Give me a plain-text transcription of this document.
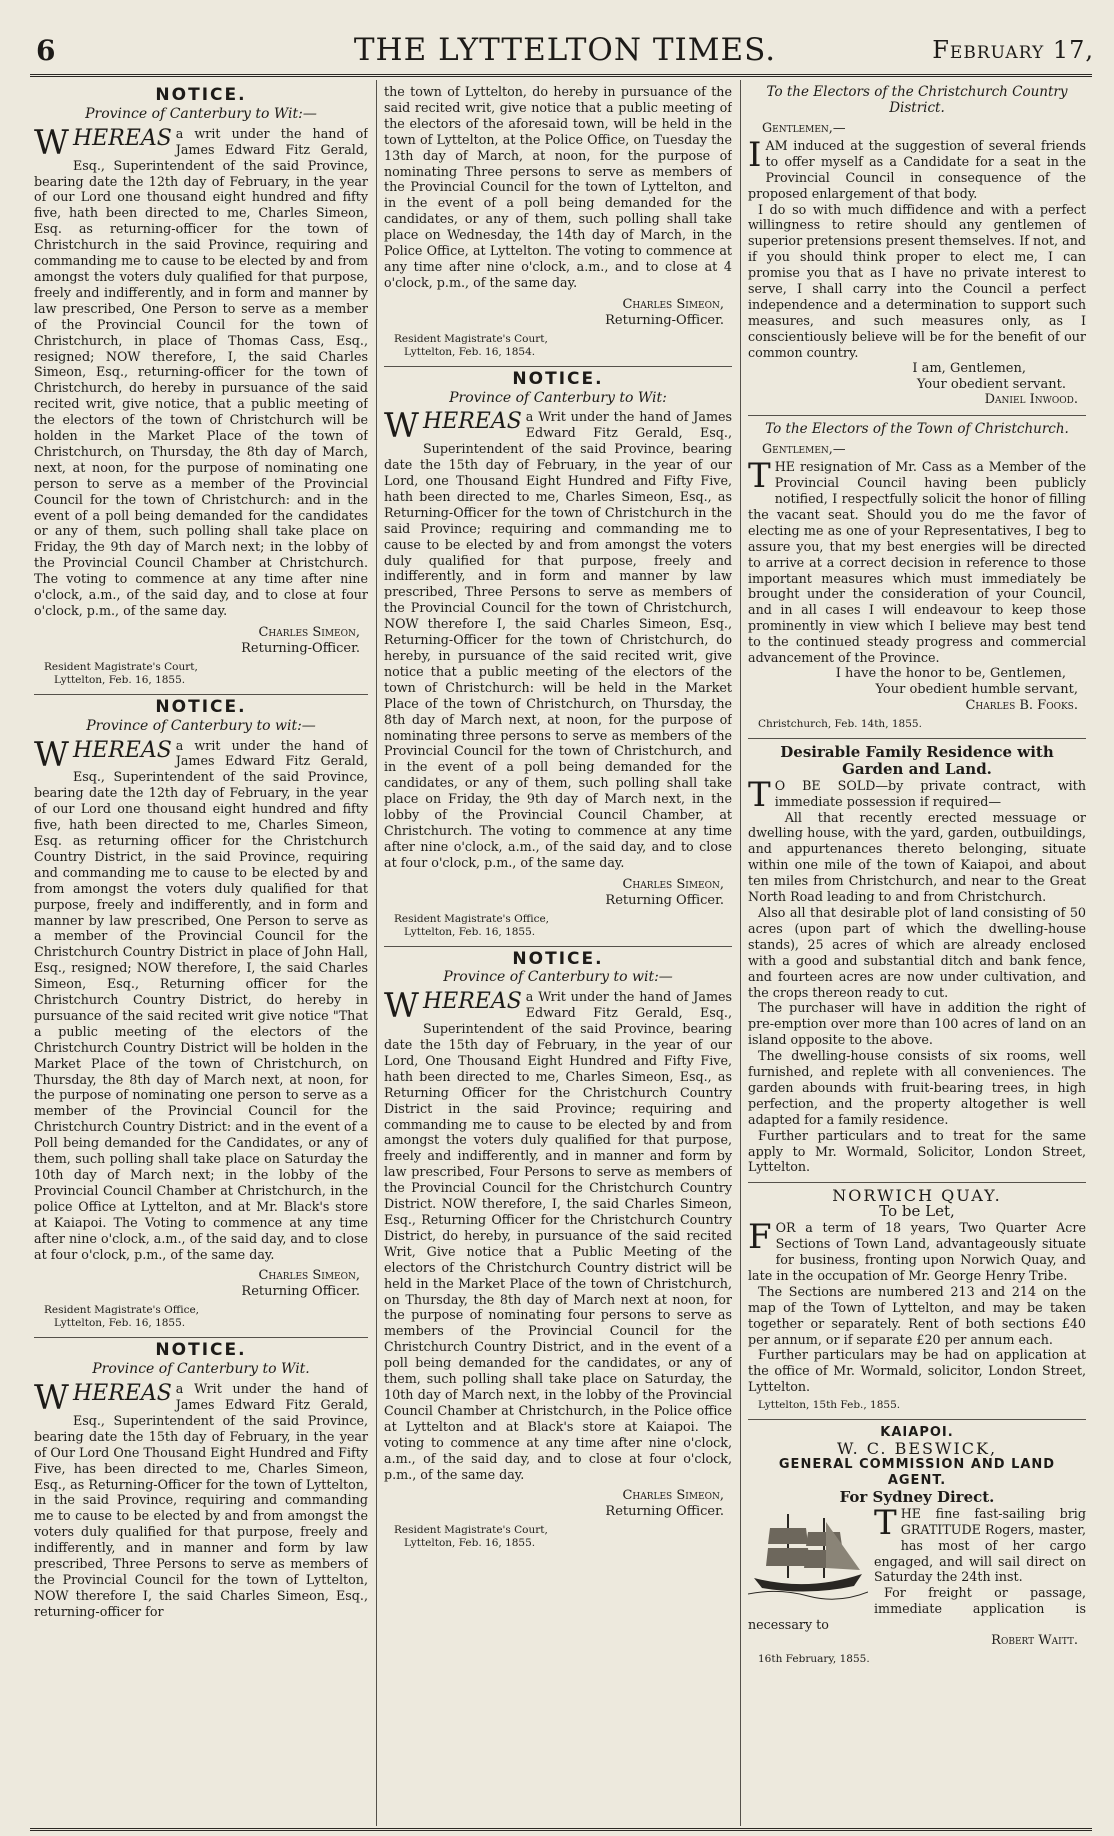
6	THE LYTTELTON TIMES.	February 17,
NOTICE.
Province of Canterbury to Wit:—

W HEREAS a writ under the hand of James Edward Fitz Gerald, Esq., Superintendent of the said Province, bearing date the 12th day of February, in the year of our Lord one thousand eight hundred and fifty five, hath been directed to me, Charles Simeon, Esq. as returning-officer for the town of Christchurch in the said Province, requiring and commanding me to cause to be elected by and from amongst the voters duly qualified for that purpose, freely and indifferently, and in form and manner by law prescribed, One Person to serve as a member of the Provincial Council for the town of Christchurch, in place of Thomas Cass, Esq., resigned; NOW therefore, I, the said Charles Simeon, Esq., returning-officer for the town of Christchurch, do hereby in pursuance of the said recited writ, give notice, that a public meeting of the electors of the town of Christchurch will be holden in the Market Place of the town of Christchurch, on Thursday, the 8th day of March, next, at noon, for the purpose of nominating one person to serve as a member of the Provincial Council for the town of Christchurch: and in the event of a poll being demanded for the candidates or any of them, such polling shall take place on Friday, the 9th day of March next; in the lobby of the Provincial Council Chamber at Christchurch. The voting to commence at any time after nine o'clock, a.m., of the said day, and to close at four o'clock, p.m., of the same day.

Charles Simeon,
Returning-Officer.
Resident Magistrate's Court,
Lyttelton, Feb. 16, 1855.
NOTICE.
Province of Canterbury to wit:—

W HEREAS a writ under the hand of James Edward Fitz Gerald, Esq., Superintendent of the said Province, bearing date the 12th day of February, in the year of our Lord one thousand eight hundred and fifty five, hath been directed to me, Charles Simeon, Esq. as returning officer for the Christchurch Country District, in the said Province, requiring and commanding me to cause to be elected by and from amongst the voters duly qualified for that purpose, freely and indifferently, and in form and manner by law prescribed, One Person to serve as a member of the Provincial Council for the Christchurch Country District in place of John Hall, Esq., resigned; NOW therefore, I, the said Charles Simeon, Esq., Returning officer for the Christchurch Country District, do hereby in pursuance of the said recited writ give notice "That a public meeting of the electors of the Christchurch Country District will be holden in the Market Place of the town of Christchurch, on Thursday, the 8th day of March next, at noon, for the purpose of nominating one person to serve as a member of the Provincial Council for the Christchurch Country District: and in the event of a Poll being demanded for the Candidates, or any of them, such polling shall take place on Saturday the 10th day of March next; in the lobby of the Provincial Council Chamber at Christchurch, in the police Office at Lyttelton, and at Mr. Black's store at Kaiapoi. The Voting to commence at any time after nine o'clock, a.m., of the said day, and to close at four o'clock, p.m., of the same day.

Charles Simeon,
Returning Officer.
Resident Magistrate's Office,
Lyttelton, Feb. 16, 1855.
NOTICE.
Province of Canterbury to Wit.

W HEREAS a Writ under the hand of James Edward Fitz Gerald, Esq., Superintendent of the said Province, bearing date the 15th day of February, in the year of Our Lord One Thousand Eight Hundred and Fifty Five, has been directed to me, Charles Simeon, Esq., as Returning-Officer for the town of Lyttelton, in the said Province, requiring and commanding me to cause to be elected by and from amongst the voters duly qualified for that purpose, freely and indifferently, and in manner and form by law prescribed, Three Persons to serve as members of the Provincial Council for the town of Lyttelton, NOW therefore I, the said Charles Simeon, Esq., returning-officer for

the town of Lyttelton, do hereby in pursuance of the said recited writ, give notice that a public meeting of the electors of the aforesaid town, will be held in the town of Lyttelton, at the Police Office, on Tuesday the 13th day of March, at noon, for the purpose of nominating Three persons to serve as members of the Provincial Council for the town of Lyttelton, and in the event of a poll being demanded for the candidates, or any of them, such polling shall take place on Wednesday, the 14th day of March, in the Police Office, at Lyttelton. The voting to commence at any time after nine o'clock, a.m., and to close at 4 o'clock, p.m., of the same day.

Charles Simeon,
Returning-Officer.
Resident Magistrate's Court,
Lyttelton, Feb. 16, 1854.
NOTICE.
Province of Canterbury to Wit:

W HEREAS a Writ under the hand of James Edward Fitz Gerald, Esq., Superintendent of the said Province, bearing date the 15th day of February, in the year of our Lord, one Thousand Eight Hundred and Fifty Five, hath been directed to me, Charles Simeon, Esq., as Returning-Officer for the town of Christchurch in the said Province; requiring and commanding me to cause to be elected by and from amongst the voters duly qualified for that purpose, freely and indifferently, and in form and manner by law prescribed, Three Persons to serve as members of the Provincial Council for the town of Christchurch, NOW therefore I, the said Charles Simeon, Esq., Returning-Officer for the town of Christchurch, do hereby, in pursuance of the said recited writ, give notice that a public meeting of the electors of the town of Christchurch: will be held in the Market Place of the town of Christchurch, on Thursday, the 8th day of March next, at noon, for the purpose of nominating three persons to serve as members of the Provincial Council for the town of Christchurch, and in the event of a poll being demanded for the candidates, or any of them, such polling shall take place on Friday, the 9th day of March next, in the lobby of the Provincial Council Chamber, at Christchurch. The voting to commence at any time after nine o'clock, a.m., of the said day, and to close at four o'clock, p.m., of the same day.

Charles Simeon,
Returning Officer.
Resident Magistrate's Office,
Lyttelton, Feb. 16, 1855.
NOTICE.
Province of Canterbury to wit:—

W HEREAS a Writ under the hand of James Edward Fitz Gerald, Esq., Superintendent of the said Province, bearing date the 15th day of February, in the year of our Lord, One Thousand Eight Hundred and Fifty Five, hath been directed to me, Charles Simeon, Esq., as Returning Officer for the Christchurch Country District in the said Province; requiring and commanding me to cause to be elected by and from amongst the voters duly qualified for that purpose, freely and indifferently, and in manner and form by law prescribed, Four Persons to serve as members of the Provincial Council for the Christchurch Country District. NOW therefore, I, the said Charles Simeon, Esq., Returning Officer for the Christchurch Country District, do hereby, in pursuance of the said recited Writ, Give notice that a Public Meeting of the electors of the Christchurch Country district will be held in the Market Place of the town of Christchurch, on Thursday, the 8th day of March next at noon, for the purpose of nominating four persons to serve as members of the Provincial Council for the Christchurch Country District, and in the event of a poll being demanded for the candidates, or any of them, such polling shall take place on Saturday, the 10th day of March next, in the lobby of the Provincial Council Chamber at Christchurch, in the Police office at Lyttelton and at Black's store at Kaiapoi. The voting to commence at any time after nine o'clock, a.m., of the said day, and to close at four o'clock, p.m., of the same day.

Charles Simeon,
Returning Officer.
Resident Magistrate's Court,
Lyttelton, Feb. 16, 1855.
To the Electors of the Christchurch Country District.
Gentlemen,—

IAM induced at the suggestion of several friends to offer myself as a Candidate for a seat in the Provincial Council in consequence of the proposed enlargement of that body.

I do so with much diffidence and with a perfect willingness to retire should any gentlemen of superior pretensions present themselves. If not, and if you should think proper to elect me, I can promise you that as I have no private interest to serve, I shall carry into the Council a perfect independence and a determination to support such measures, and such measures only, as I conscientiously believe will be for the benefit of our common country.

I am, Gentlemen,
Your obedient servant.
Daniel Inwood.
To the Electors of the Town of Christchurch.
Gentlemen,—

THE resignation of Mr. Cass as a Member of the Provincial Council having been publicly notified, I respectfully solicit the honor of filling the vacant seat. Should you do me the favor of electing me as one of your Representatives, I beg to assure you, that my best energies will be directed to arrive at a correct decision in reference to those important measures which must immediately be brought under the consideration of your Council, and in all cases I will endeavour to keep those prominently in view which I believe may best tend to the continued steady progress and commercial advancement of the Province.

I have the honor to be, Gentlemen,
Your obedient humble servant,
Charles B. Fooks.
Christchurch, Feb. 14th, 1855.
Desirable Family Residence with Garden and Land.

T O BE SOLD—by private contract, with immediate possession if required—

All that recently erected messuage or dwelling house, with the yard, garden, outbuildings, and appurtenances thereto belonging, situate within one mile of the town of Kaiapoi, and about ten miles from Christchurch, and near to the Great North Road leading to and from Christchurch.

Also all that desirable plot of land consisting of 50 acres (upon part of which the dwelling-house stands), 25 acres of which are already enclosed with a good and substantial ditch and bank fence, and fourteen acres are now under cultivation, and the crops thereon ready to cut.

The purchaser will have in addition the right of pre-emption over more than 100 acres of land on an island opposite to the above.

The dwelling-house consists of six rooms, well furnished, and replete with all conveniences. The garden abounds with fruit-bearing trees, in high perfection, and the property altogether is well adapted for a family residence.

Further particulars and to treat for the same apply to Mr. Wormald, Solicitor, London Street, Lyttelton.

NORWICH QUAY.
To be Let,

FOR a term of 18 years, Two Quarter Acre Sections of Town Land, advantageously situate for business, fronting upon Norwich Quay, and late in the occupation of Mr. George Henry Tribe.

The Sections are numbered 213 and 214 on the map of the Town of Lyttelton, and may be taken together or separately. Rent of both sections £40 per annum, or if separate £20 per annum each.

Further particulars may be had on application at the office of Mr. Wormald, solicitor, London Street, Lyttelton.

Lyttelton, 15th Feb., 1855.
KAIAPOI.
W. C. BESWICK,
GENERAL COMMISSION AND LAND AGENT.
For Sydney Direct.

THE fine fast-sailing brig GRATITUDE Rogers, master, has most of her cargo engaged, and will sail direct on Saturday the 24th inst.

For freight or passage, immediate application is necessary to

Robert Waitt.
16th February, 1855.
